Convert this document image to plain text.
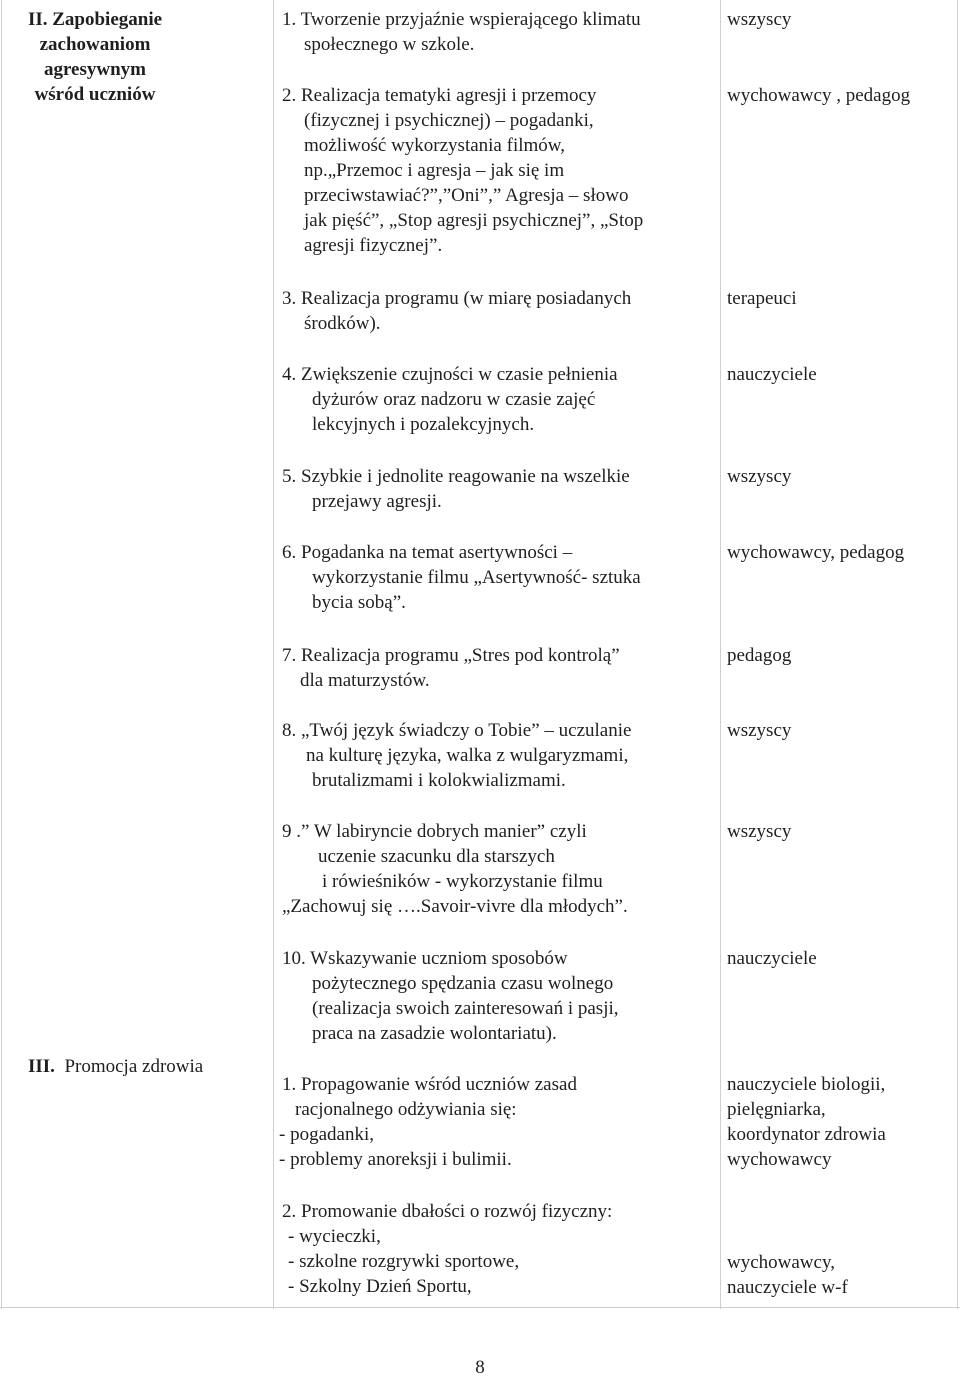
II. Zapobieganie
zachowaniom
agresywnym
wśród uczniów
III. Promocja zdrowia
1. Tworzenie przyjaźnie wspierającego klimatu
społecznego w szkole.
wszyscy
2. Realizacja tematyki agresji i przemocy
(fizycznej i psychicznej) – pogadanki,
możliwość wykorzystania filmów,
np.„Przemoc i agresja – jak się im
przeciwstawiać?”,”Oni”,” Agresja – słowo
jak pięść”, „Stop agresji psychicznej”, „Stop
agresji fizycznej”.
wychowawcy , pedagog
3. Realizacja programu (w miarę posiadanych
środków).
terapeuci
4. Zwiększenie czujności w czasie pełnienia
dyżurów oraz nadzoru w czasie zajęć
lekcyjnych i pozalekcyjnych.
nauczyciele
5. Szybkie i jednolite reagowanie na wszelkie
przejawy agresji.
wszyscy
6. Pogadanka na temat asertywności –
wykorzystanie filmu „Asertywność- sztuka
bycia sobą”.
wychowawcy, pedagog
7. Realizacja programu „Stres pod kontrolą”
dla maturzystów.
pedagog
8. „Twój język świadczy o Tobie” – uczulanie
na kulturę języka, walka z wulgaryzmami,
brutalizmami i kolokwializmami.
wszyscy
9 .” W labiryncie dobrych manier” czyli
uczenie szacunku dla starszych
i rówieśników - wykorzystanie filmu
„Zachowuj się ….Savoir-vivre dla młodych”.
wszyscy
10. Wskazywanie uczniom sposobów
pożytecznego spędzania czasu wolnego
(realizacja swoich zainteresowań i pasji,
praca na zasadzie wolontariatu).
nauczyciele
1. Propagowanie wśród uczniów zasad
racjonalnego odżywiania się:
- pogadanki,
- problemy anoreksji i bulimii.
nauczyciele biologii,
pielęgniarka,
koordynator zdrowia
wychowawcy
2. Promowanie dbałości o rozwój fizyczny:
- wycieczki,
- szkolne rozgrywki sportowe,
- Szkolny Dzień Sportu,
wychowawcy,
nauczyciele w-f
8
